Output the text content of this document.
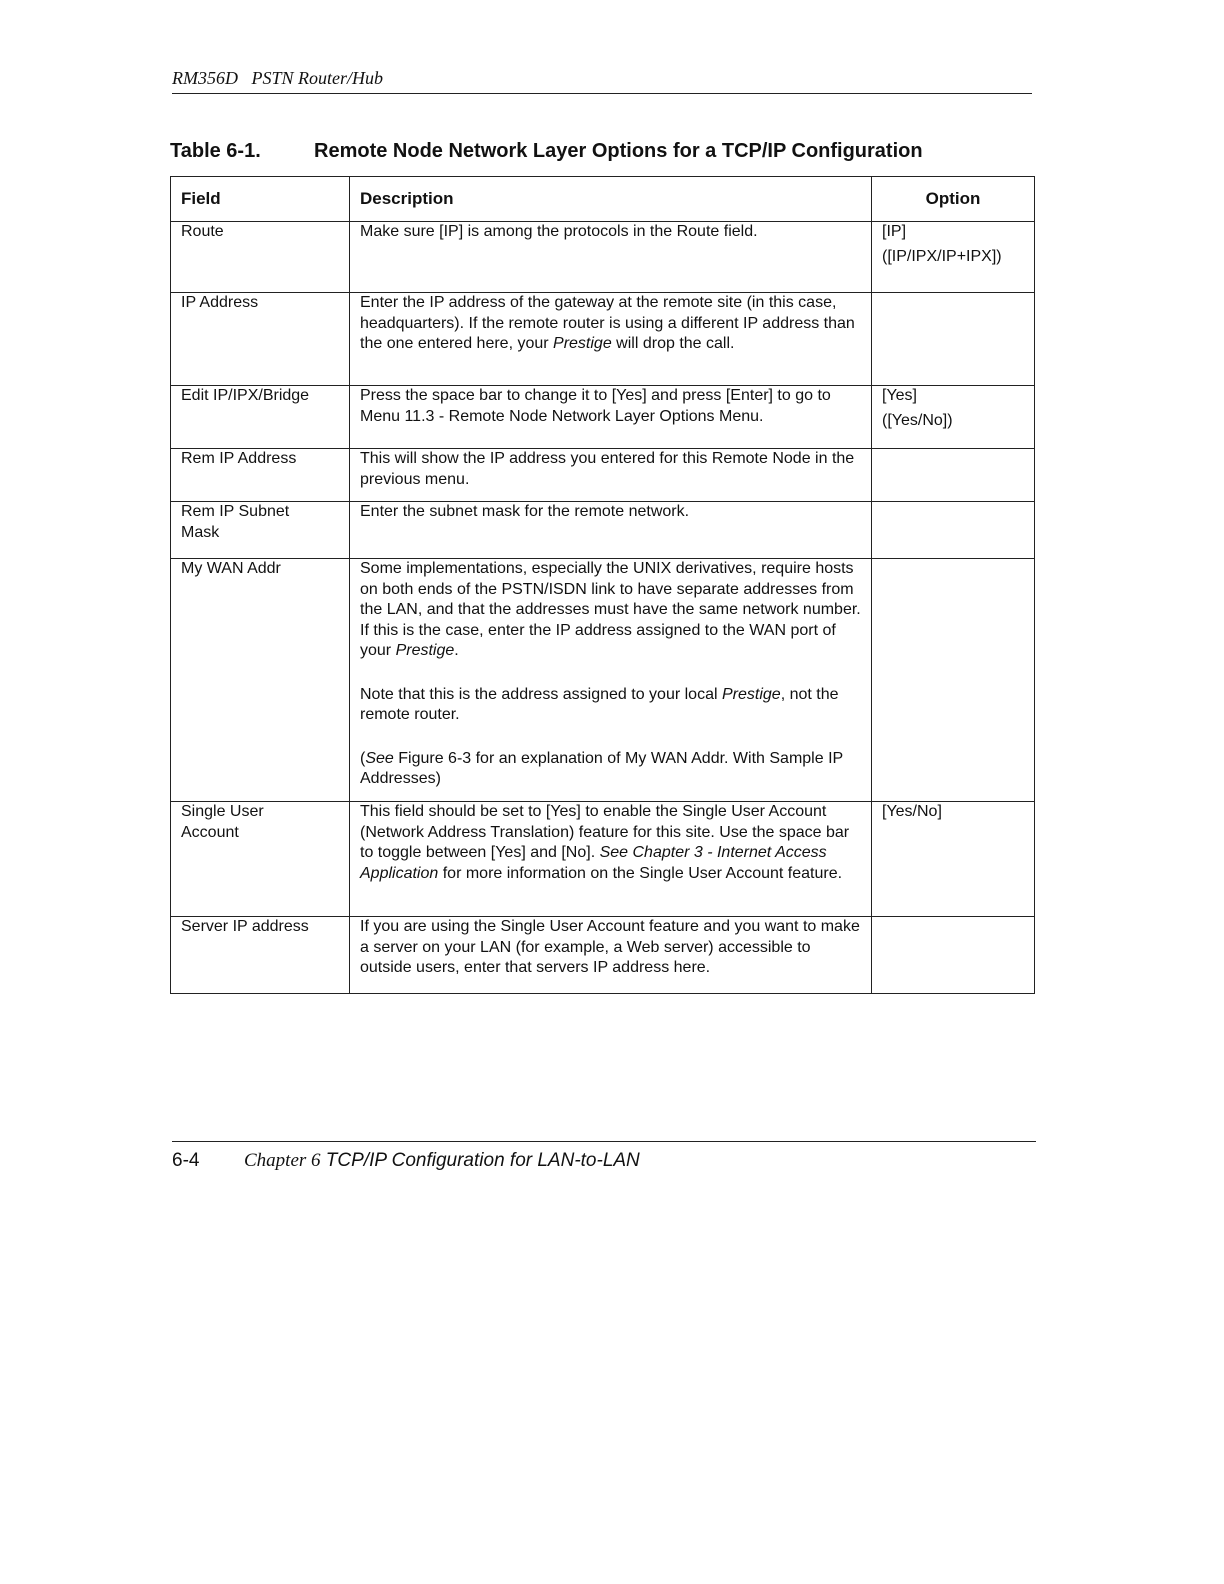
RM356D   PSTN Router/Hub
Table 6-1.	Remote Node Network Layer Options for a TCP/IP Configuration
Field	Description	Option
Route	Make sure [IP] is among the protocols in the Route field.	[IP]
([IP/IPX/IP+IPX])

IP Address	Enter the IP address of the gateway at the remote site (in this case, headquarters). If the remote router is using a different IP address than the one entered here, your Prestige will drop the call.	
Edit IP/IPX/Bridge	Press the space bar to change it to [Yes] and press [Enter] to go to Menu 11.3 - Remote Node Network Layer Options Menu.	[Yes]
([Yes/No])

Rem IP Address	This will show the IP address you entered for this Remote Node in the previous menu.	

Rem IP Subnet
Mask	Enter the subnet mask for the remote network.	
My WAN Addr	Some implementations, especially the UNIX derivatives, require hosts on both ends of the PSTN/ISDN link to have separate addresses from the LAN, and that the addresses must have the same network number. If this is the case, enter the IP address assigned to the WAN port of your Prestige.

Note that this is the address assigned to your local Prestige, not the remote router.

(See Figure 6-3 for an explanation of My WAN Addr. With Sample IP Addresses)	

Single User
Account	This field should be set to [Yes] to enable the Single User Account (Network Address Translation) feature for this site. Use the space bar to toggle between [Yes] and [No]. See Chapter 3 - Internet Access Application for more information on the Single User Account feature.	[Yes/No]
Server IP address	If you are using the Single User Account feature and you want to make a server on your LAN (for example, a Web server) accessible to outside users, enter that servers IP address here.	
6-4 Chapter 6 TCP/IP Configuration for LAN-to-LAN
